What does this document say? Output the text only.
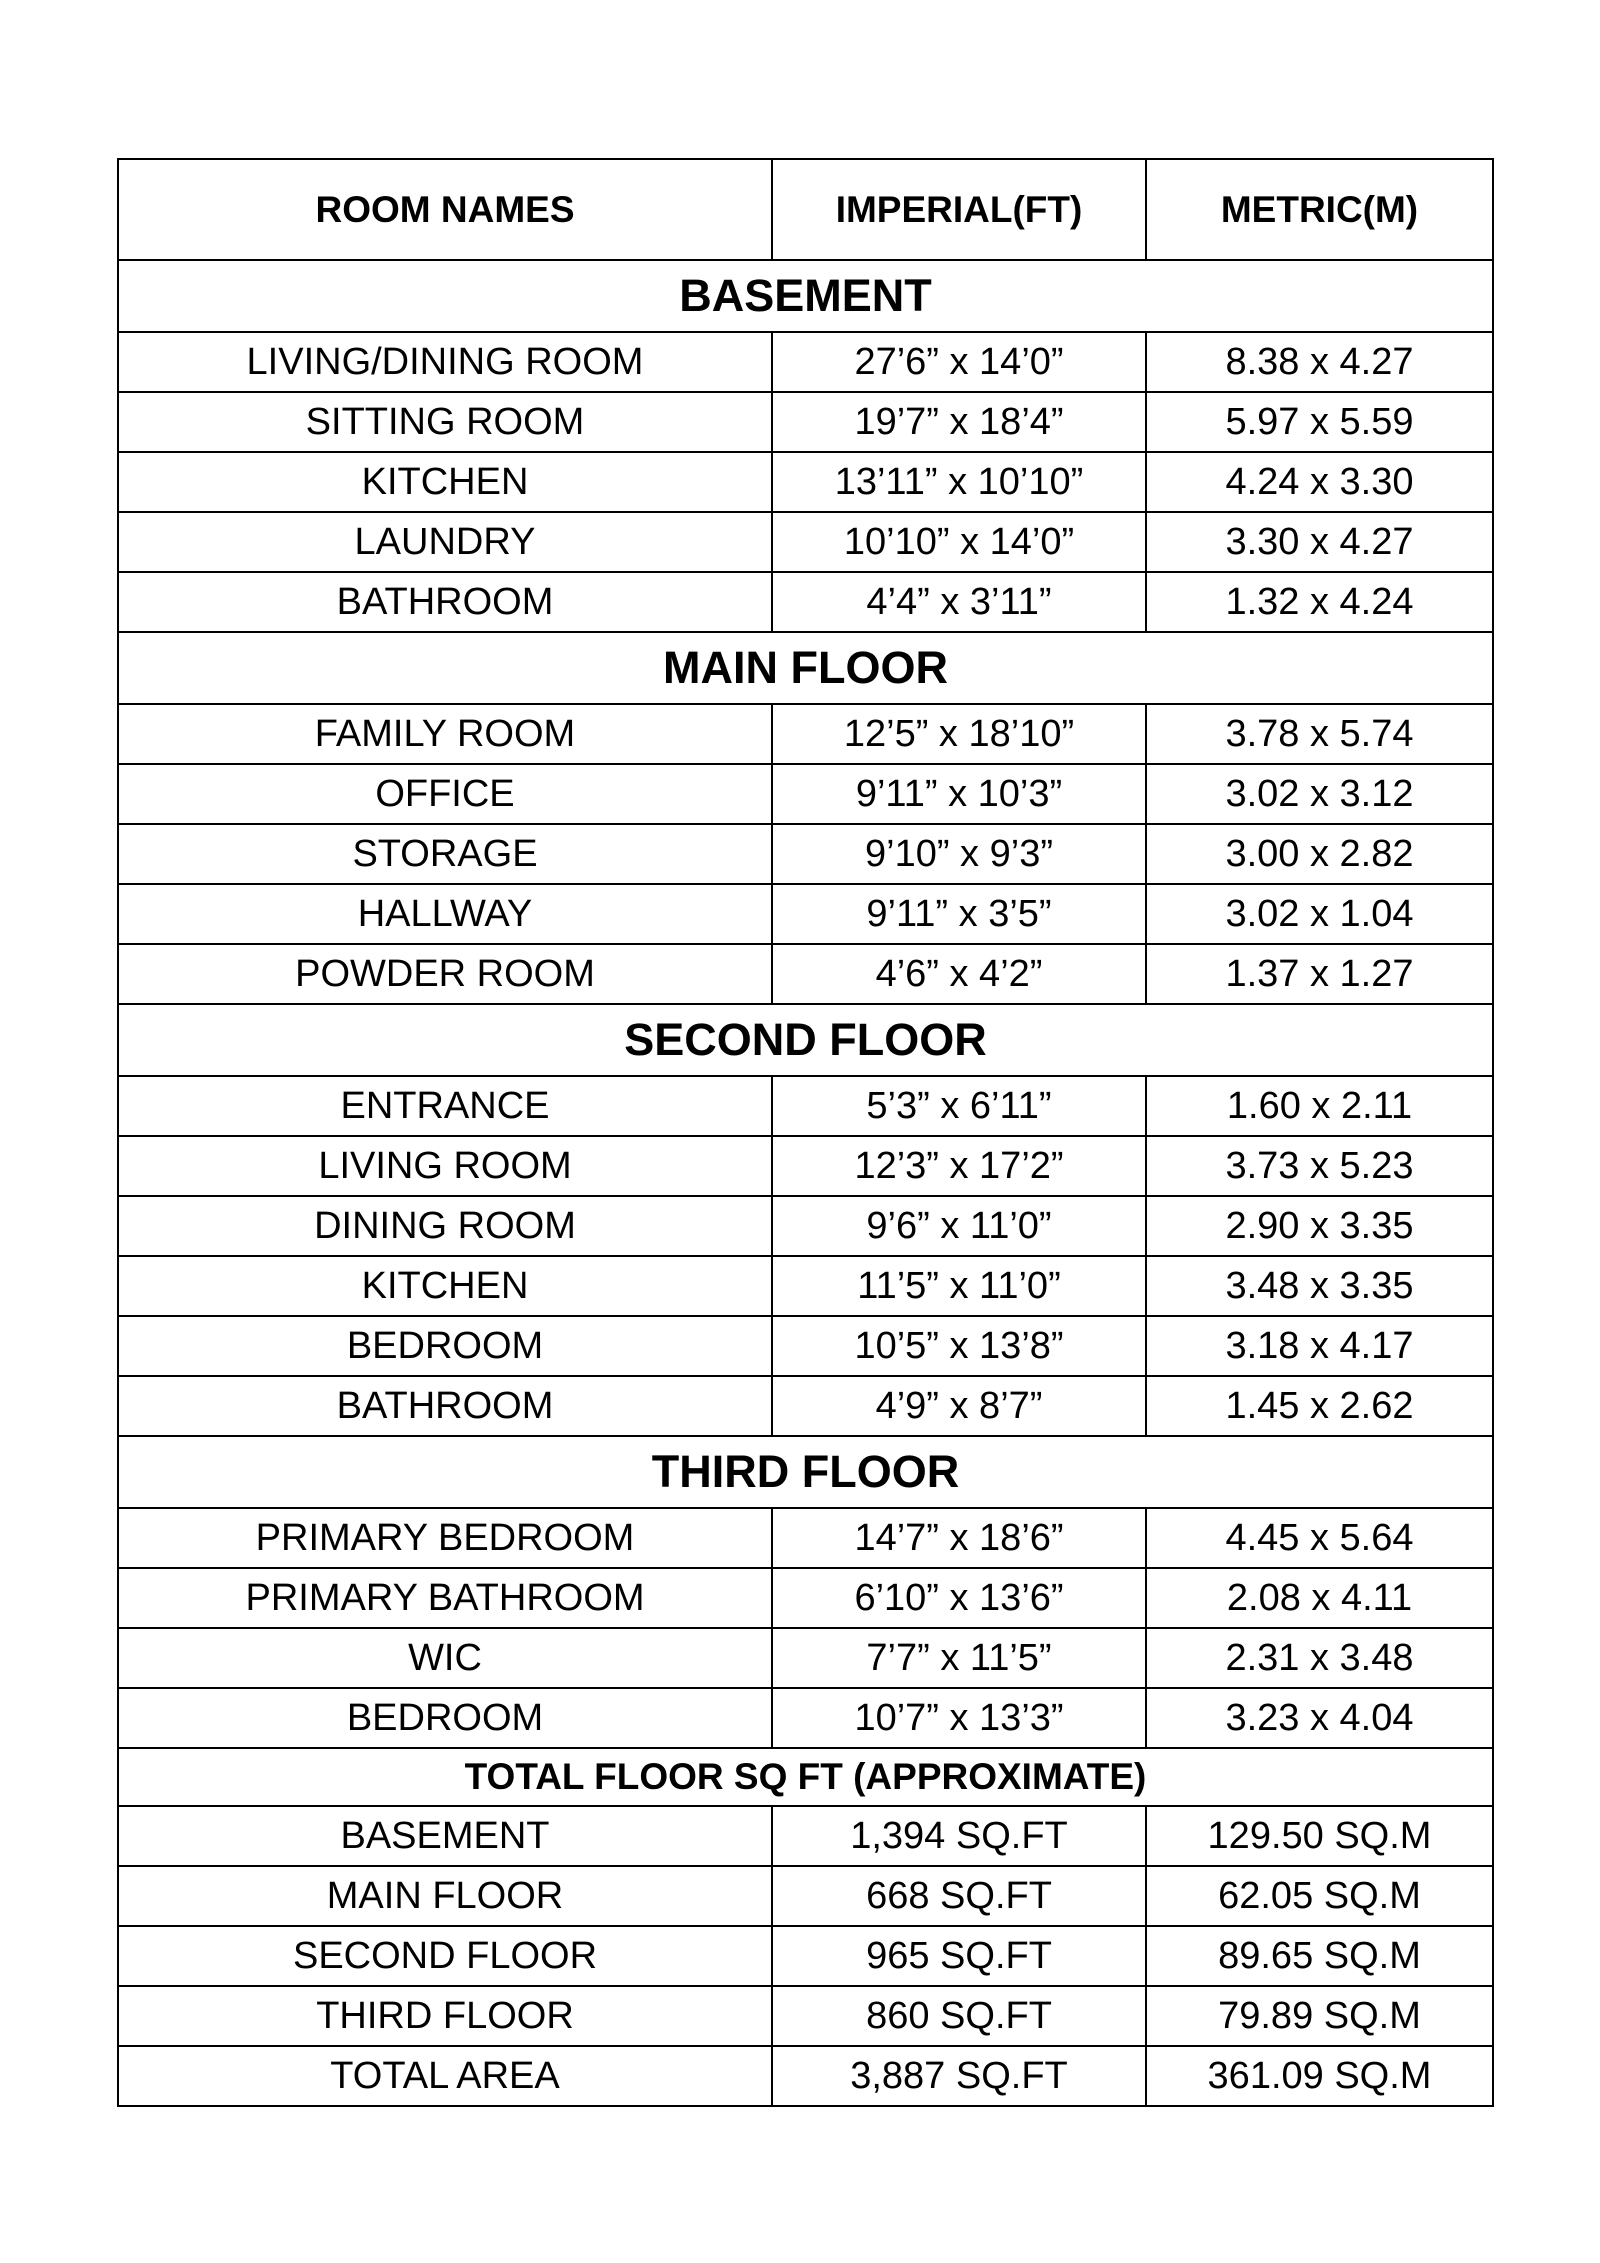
ROOM NAMES	IMPERIAL(FT)	METRIC(M)
BASEMENT		
LIVING/DINING ROOM	27’6” x 14’0”	8.38 x 4.27
SITTING ROOM	19’7” x 18’4”	5.97 x 5.59
KITCHEN	13’11” x 10’10”	4.24 x 3.30
LAUNDRY	10’10” x 14’0”	3.30 x 4.27
BATHROOM	4’4” x 3’11”	1.32 x 4.24
MAIN FLOOR		
FAMILY ROOM	12’5” x 18’10”	3.78 x 5.74
OFFICE	9’11” x 10’3”	3.02 x 3.12
STORAGE	9’10” x 9’3”	3.00 x 2.82
HALLWAY	9’11” x 3’5”	3.02 x 1.04
POWDER ROOM	4’6” x 4’2”	1.37 x 1.27
SECOND FLOOR		
ENTRANCE	5’3” x 6’11”	1.60 x 2.11
LIVING ROOM	12’3” x 17’2”	3.73 x 5.23
DINING ROOM	9’6” x 11’0”	2.90 x 3.35
KITCHEN	11’5” x 11’0”	3.48 x 3.35
BEDROOM	10’5” x 13’8”	3.18 x 4.17
BATHROOM	4’9” x 8’7”	1.45 x 2.62
THIRD FLOOR		
PRIMARY BEDROOM	14’7” x 18’6”	4.45 x 5.64
PRIMARY BATHROOM	6’10” x 13’6”	2.08 x 4.11
WIC	7’7” x 11’5”	2.31 x 3.48
BEDROOM	10’7” x 13’3”	3.23 x 4.04
TOTAL FLOOR SQ FT (APPROXIMATE)		
BASEMENT	1,394 SQ.FT	129.50 SQ.M
MAIN FLOOR	668 SQ.FT	62.05 SQ.M
SECOND FLOOR	965 SQ.FT	89.65 SQ.M
THIRD FLOOR	860 SQ.FT	79.89 SQ.M
TOTAL AREA	3,887 SQ.FT	361.09 SQ.M
